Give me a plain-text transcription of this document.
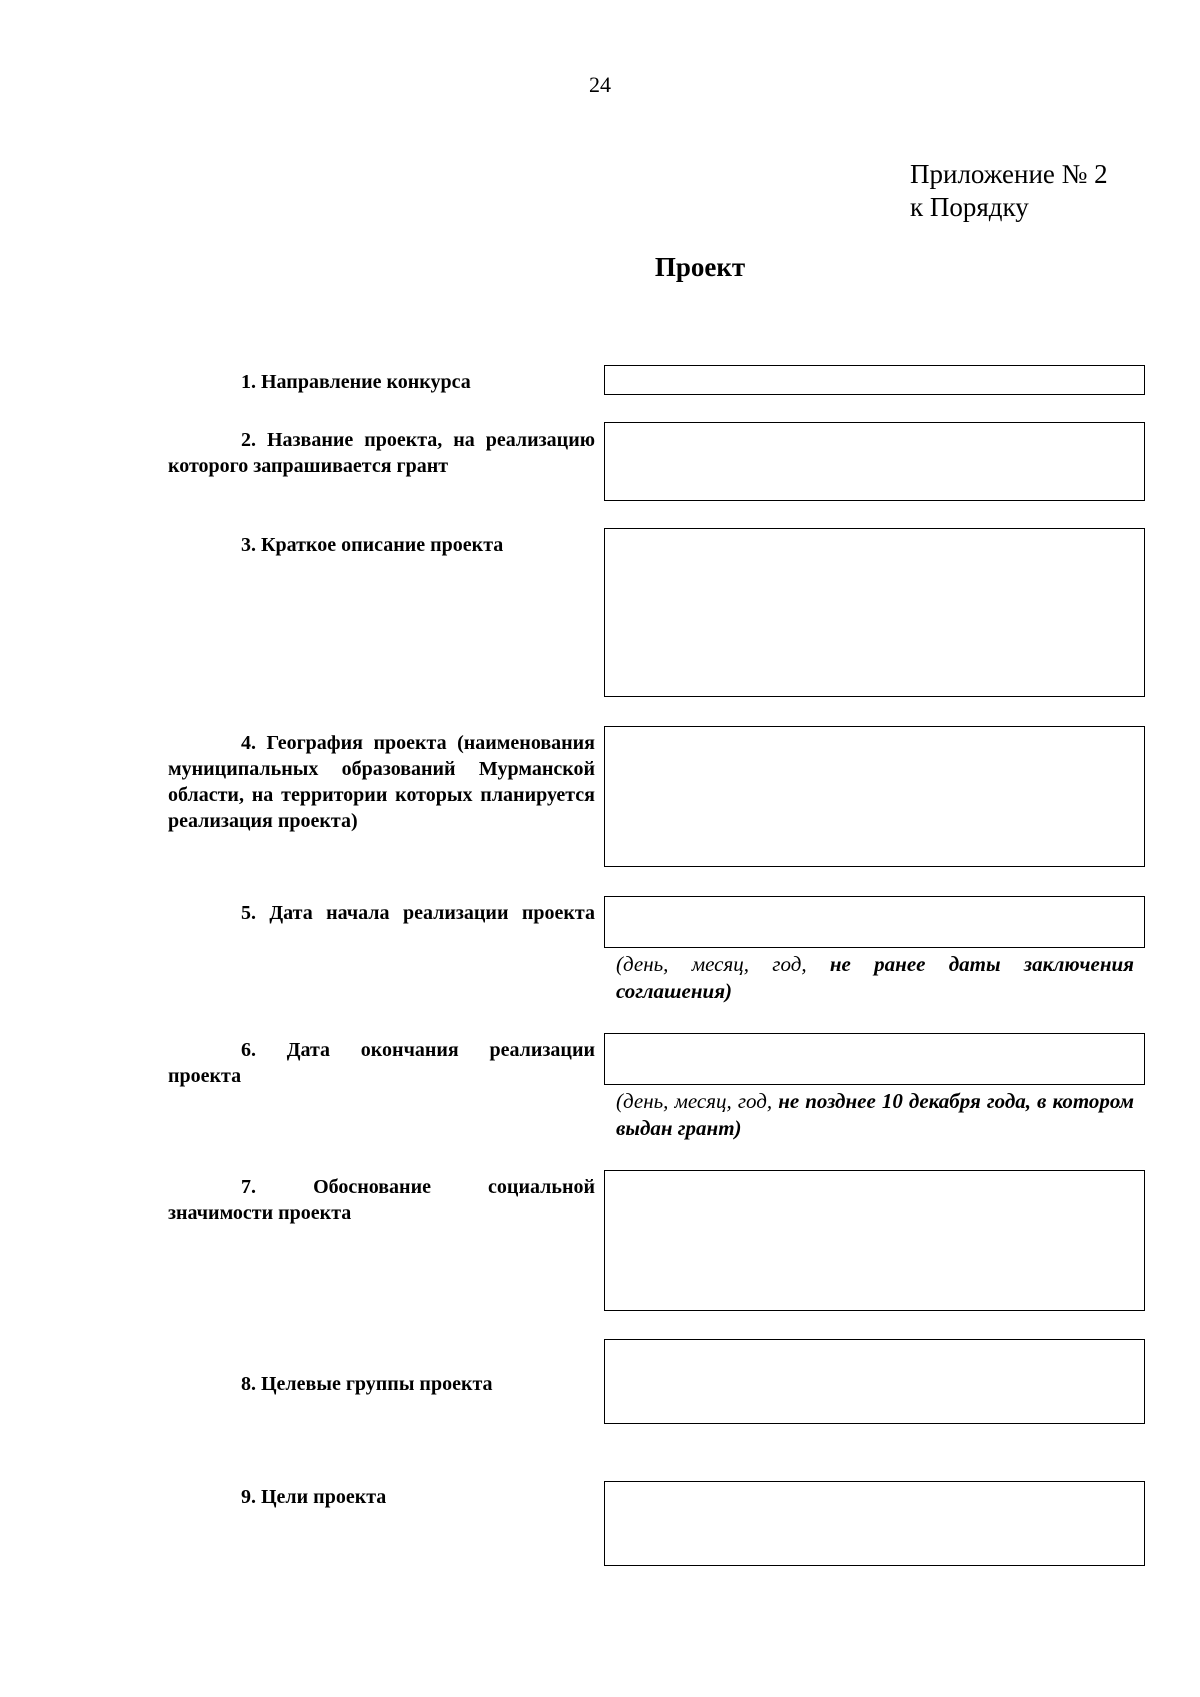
24
Приложение № 2
к Порядку
Проект
1. Направление конкурса
2. Название проекта, на реализацию которого запрашивается грант
3. Краткое описание проекта
4. География проекта (наименования муниципальных образований Мурманской области, на территории которых планируется реализация проекта)
5. Дата начала реализации проекта
(день, месяц, год, не ранее даты заключения соглашения)
6. Дата окончания реализации проекта
(день, месяц, год, не позднее 10 декабря года, в котором выдан грант)
7. Обоснование социальной значимости проекта
8. Целевые группы проекта
9. Цели проекта
